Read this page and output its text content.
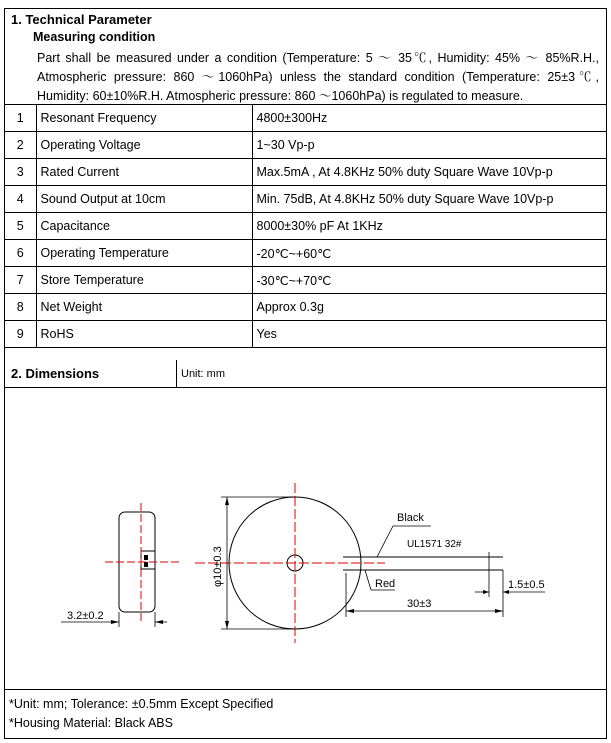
1. Technical Parameter
Measuring condition
Part shall be measured under a condition (Temperature: 5 ～ 35℃, Humidity: 45% ～ 85%R.H.,
Atmospheric pressure: 860 ～1060hPa) unless the standard condition (Temperature: 25±3℃,
Humidity: 60±10%R.H. Atmospheric pressure: 860 ～1060hPa) is regulated to measure.
1	Resonant Frequency	4800±300Hz
2	Operating Voltage	1~30 Vp-p
3	Rated Current	Max.5mA , At 4.8KHz 50% duty Square Wave 10Vp-p
4	Sound Output at 10cm	Min. 75dB, At 4.8KHz 50% duty Square Wave 10Vp-p
5	Capacitance	8000±30% pF At 1KHz
6	Operating Temperature	-20℃~+60℃
7	Store Temperature	-30℃~+70℃
8	Net Weight	Approx 0.3g
9	RoHS	Yes
2. Dimensions	Unit: mm
3.2±0.2
φ10±0.3
Black
UL1571 32#
Red	1.5±0.5
30±3
*Unit: mm; Tolerance: ±0.5mm Except Specified
*Housing Material: Black ABS
